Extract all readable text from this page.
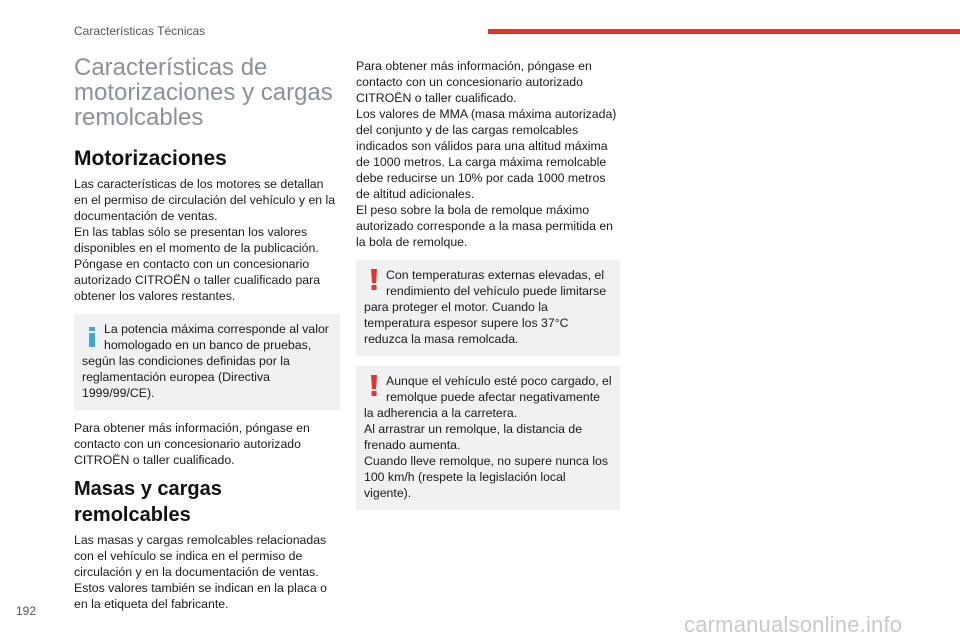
Características Técnicas
Características de motorizaciones y cargas remolcables
Motorizaciones

Las características de los motores se detallan en el permiso de circulación del vehículo y en la documentación de ventas.

En las tablas sólo se presentan los valores disponibles en el momento de la publicación.

Póngase en contacto con un concesionario autorizado CITROËN o taller cualificado para obtener los valores restantes.

La potencia máxima corresponde al valor homologado en un banco de pruebas,
según las condiciones definidas por la reglamentación europea (Directiva 1999/99/CE).

Para obtener más información, póngase en contacto con un concesionario autorizado CITROËN o taller cualificado.

Masas y cargas remolcables

Las masas y cargas remolcables relacionadas con el vehículo se indica en el permiso de circulación y en la documentación de ventas.

Estos valores también se indican en la placa o en la etiqueta del fabricante.

Para obtener más información, póngase en contacto con un concesionario autorizado CITROËN o taller cualificado.

Los valores de MMA (masa máxima autorizada) del conjunto y de las cargas remolcables indicados son válidos para una altitud máxima de 1000 metros. La carga máxima remolcable debe reducirse un 10% por cada 1000 metros de altitud adicionales.

El peso sobre la bola de remolque máximo autorizado corresponde a la masa permitida en la bola de remolque.

Con temperaturas externas elevadas, el rendimiento del vehículo puede limitarse
para proteger el motor. Cuando la temperatura espesor supere los 37°C reduzca la masa remolcada.
Aunque el vehículo esté poco cargado, el remolque puede afectar negativamente
la adherencia a la carretera.
Al arrastrar un remolque, la distancia de frenado aumenta.
Cuando lleve remolque, no supere nunca los 100 km/h (respete la legislación local vigente).
192
carmanualsonline.info
